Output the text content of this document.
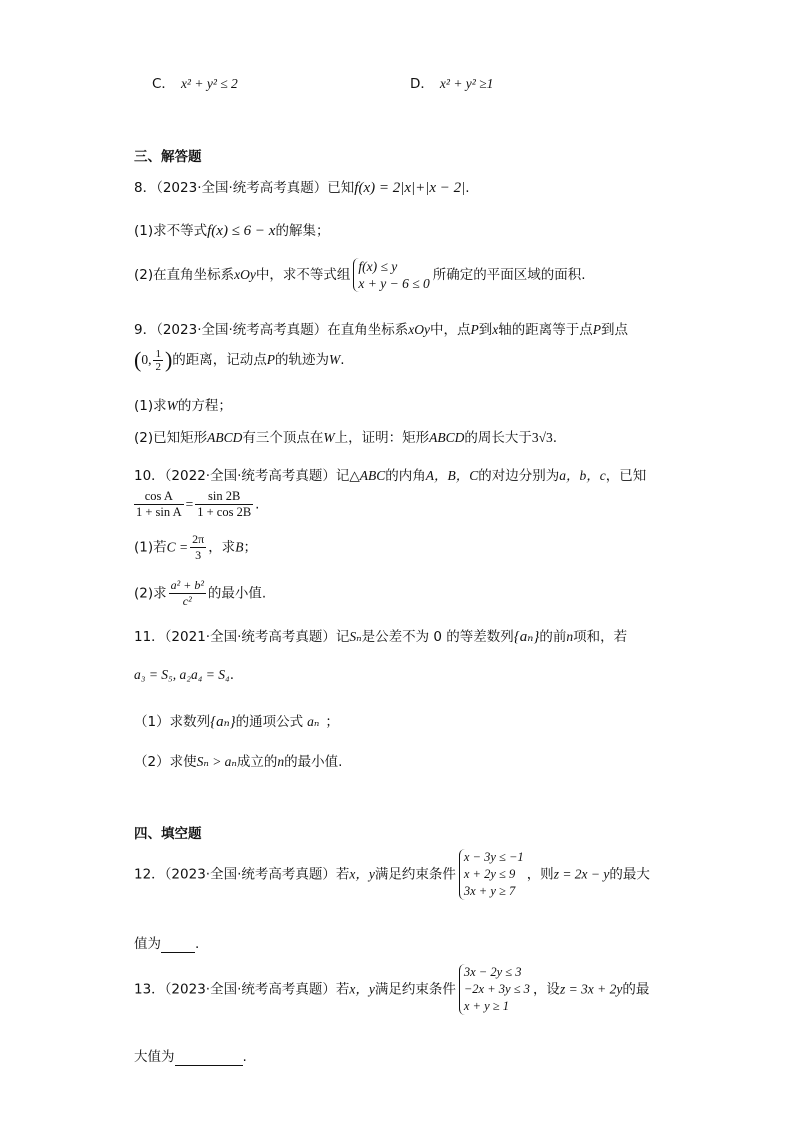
C． x² + y² ≤ 2	D． x² + y² ≥1
三、解答题
8．（2023·全国·统考高考真题）已知f(x) = 2|x|+|x − 2|.
(1)求不等式f(x) ≤ 6 − x的解集；
(2)在直角坐标系xOy中，求不等式组
f(x) ≤ y
x + y − 6 ≤ 0
所确定的平面区域的面积.
9．（2023·全国·统考高考真题）在直角坐标系xOy中，点P到x轴的距离等于点P到点
(0, $\frac{1}{2}$ )的距离，记动点P的轨迹为W.
(1)求W的方程；
(2)已知矩形ABCD有三个顶点在W上，证明：矩形ABCD的周长大于3√3.
10．（2022·全国·统考高考真题）记△ABC的内角A，B，C的对边分别为a，b，c，已知
$\frac{\text{cos A}}{\text{1 + sin A}} = \frac{\sin 2B}{1 + \cos 2B}$ .
(1)若$C = \frac{2\pi}{3}$ ，求B；
(2)求 $\frac{\text{a² + b²}}{\text{c²}}$ 的最小值.
11．（2021·全国·统考高考真题）记Sₙ是公差不为 0 的等差数列{aₙ}的前n项和，若
a₃ = S₅, a₂a₄ = S₄.
（1）求数列{aₙ}的通项公式 aₙ ；
（2）求使Sₙ > aₙ成立的n的最小值.
四、填空题
12．（2023·全国·统考高考真题）若x，y满足约束条件
x − 3y ≤ −1
x + 2y ≤ 9
3x + y ≥ 7
，则z = 2x − y的最大
值为	.
13．（2023·全国·统考高考真题）若x，y满足约束条件
3x − 2y ≤ 3
−2x + 3y ≤ 3
x + y ≥ 1
，设z = 3x + 2y的最
大值为	.
